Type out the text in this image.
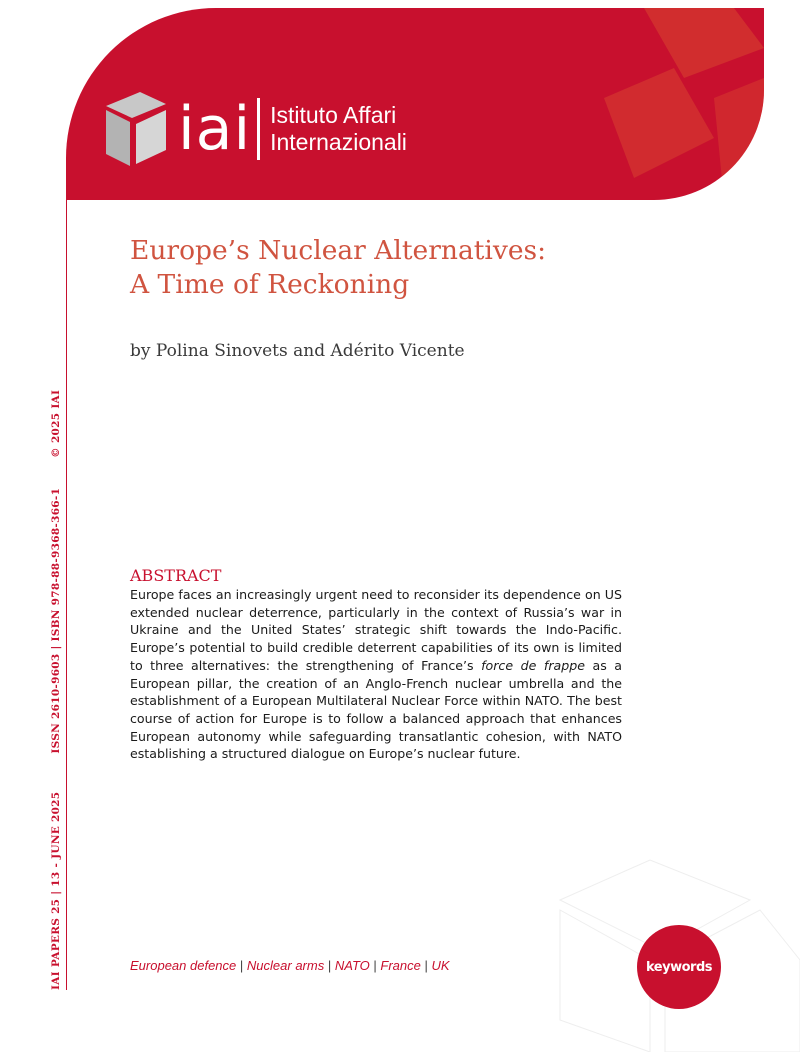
iai Istituto Affari
Internazionali
IAI PAPERS 25 | 13 - JUNE 2025ISSN 2610-9603 | ISBN 978-88-9368-366-1© 2025 IAI
Europe’s Nuclear Alternatives:
A Time of Reckoning
by Polina Sinovets and Adérito Vicente
ABSTRACT

Europe faces an increasingly urgent need to reconsider its dependence on US extended nuclear deterrence, particularly in the context of Russia’s war in Ukraine and the United States’ strategic shift towards the Indo-Pacific. Europe’s potential to build credible deterrent capabilities of its own is limited to three alternatives: the strengthening of France’s force de frappe as a European pillar, the creation of an Anglo-French nuclear umbrella and the establishment of a European Multilateral Nuclear Force within NATO. The best course of action for Europe is to follow a balanced approach that enhances European autonomy while safeguarding transatlantic cohesion, with NATO establishing a structured dialogue on Europe’s nuclear future.

European defence | Nuclear arms | NATO | France | UK	keywords
